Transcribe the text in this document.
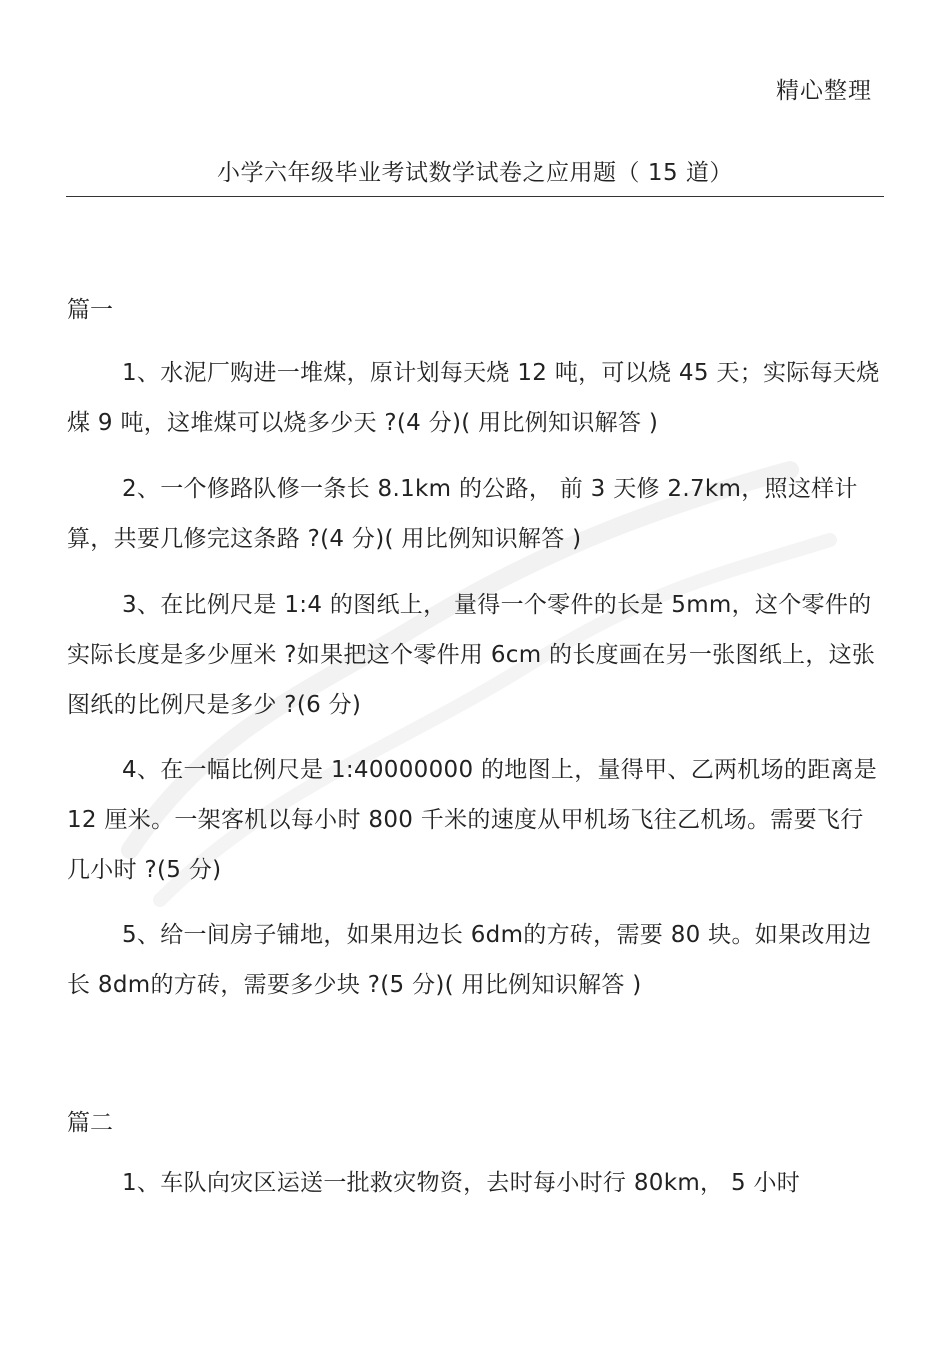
精心整理
小学六年级毕业考试数学试卷之应用题（ 15 道）
篇一
1、水泥厂购进一堆煤，原计划每天烧 12 吨，可以烧 45 天；实际每天烧煤 9 吨，这堆煤可以烧多少天 ?(4 分)( 用比例知识解答 )
2、一个修路队修一条长 8.1km 的公路， 前 3 天修 2.7km，照这样计算，共要几修完这条路 ?(4 分)( 用比例知识解答 )
3、在比例尺是 1:4 的图纸上， 量得一个零件的长是 5mm，这个零件的实际长度是多少厘米 ?如果把这个零件用 6cm 的长度画在另一张图纸上，这张图纸的比例尺是多少 ?(6 分)
4、在一幅比例尺是 1:40000000 的地图上，量得甲、乙两机场的距离是 12 厘米。一架客机以每小时 800 千米的速度从甲机场飞往乙机场。需要飞行几小时 ?(5 分)
5、给一间房子铺地，如果用边长 6dm的方砖，需要 80 块。如果改用边长 8dm的方砖，需要多少块 ?(5 分)( 用比例知识解答 )
篇二
1、车队向灾区运送一批救灾物资，去时每小时行 80km， 5 小时
